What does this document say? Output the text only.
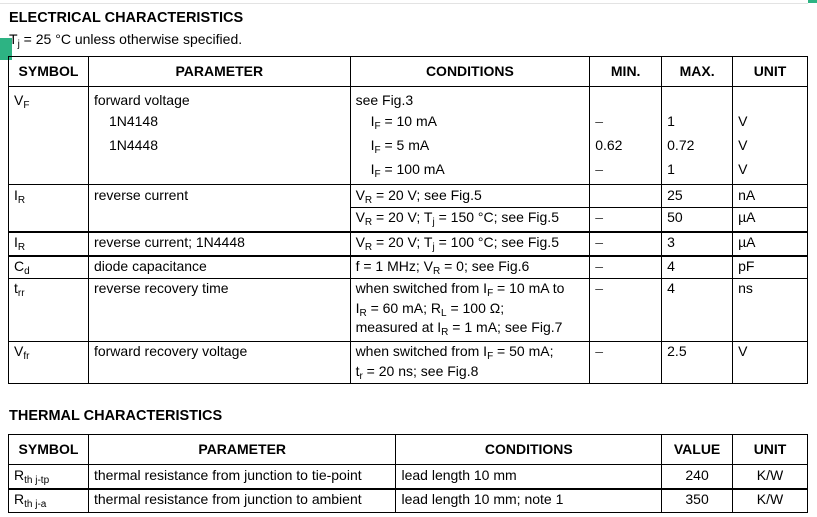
ELECTRICAL CHARACTERISTICS
$T_j = 25$ °C unless otherwise specified.
SYMBOL	PARAMETER	CONDITIONS	MIN.	MAX.	UNIT
$V_F$	forward voltage	see Fig.3			
	1N4148	$I_F = 10$ mA	–	1	V
	1N4448	$I_F = 5$ mA	0.62	0.72	V
		$I_F = 100$ mA	–	1	V
$I_R$	reverse current	$V_R = 20$ V; see Fig.5		25	nA
		$V_R = 20$ V; $T_j = 150$ °C; see Fig.5	–	50	µA
$I_R$	reverse current; 1N4448	$V_R = 20$ V; $T_j = 100$ °C; see Fig.5	–	3	µA
$C_d$	diode capacitance	f = 1 MHz; $V_R = 0$; see Fig.6	–	4	pF
$t_{rr}$	reverse recovery time	when switched from $I_F = 10$ mA to
$I_R = 60$ mA; $R_L = 100$ Ω;
measured at $I_R = 1$ mA; see Fig.7	–	4	ns
$V_{fr}$	forward recovery voltage	when switched from $I_F = 50$ mA;
$t_r = 20$ ns; see Fig.8	–	2.5	V
THERMAL CHARACTERISTICS
SYMBOL	PARAMETER	CONDITIONS	VALUE	UNIT
$R_{th j-tp}$	thermal resistance from junction to tie-point	lead length 10 mm	240	K/W
$R_{th j-a}$	thermal resistance from junction to ambient	lead length 10 mm; note 1	350	K/W
